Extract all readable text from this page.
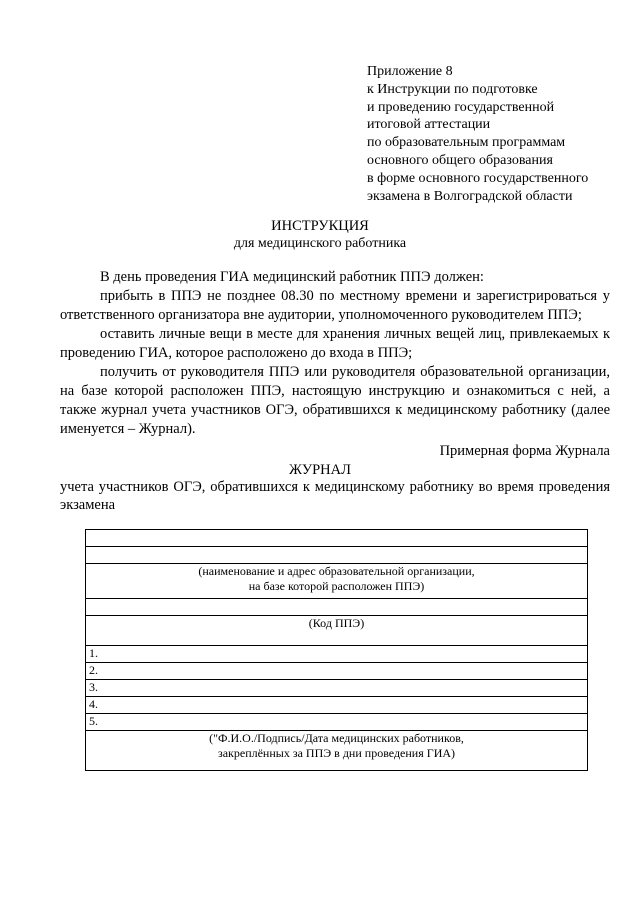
Приложение 8
к Инструкции по подготовке
и проведению государственной
итоговой аттестации
по образовательным программам
основного общего образования
в форме основного государственного
экзамена в Волгоградской области
ИНСТРУКЦИЯ
для медицинского работника

В день проведения ГИА медицинский работник ППЭ должен:

прибыть в ППЭ не позднее 08.30 по местному времени и зарегистрироваться у ответственного организатора вне аудитории, уполномоченного руководителем ППЭ;

оставить личные вещи в месте для хранения личных вещей лиц, привлекаемых к проведению ГИА, которое расположено до входа в ППЭ;

получить от руководителя ППЭ или руководителя образовательной организации, на базе которой расположен ППЭ, настоящую инструкцию и ознакомиться с ней, а также журнал учета участников ОГЭ, обратившихся к медицинскому работнику (далее именуется – Журнал).

Примерная форма Журнала
ЖУРНАЛ
учета участников ОГЭ, обратившихся к медицинскому работнику во время проведения экзамена

(наименование и адрес образовательной организации,
на базе которой расположен ППЭ)

(Код ППЭ)
1.
2.
3.
4.
5.

("Ф.И.О./Подпись/Дата медицинских работников,
закреплённых за ППЭ в дни проведения ГИА)
